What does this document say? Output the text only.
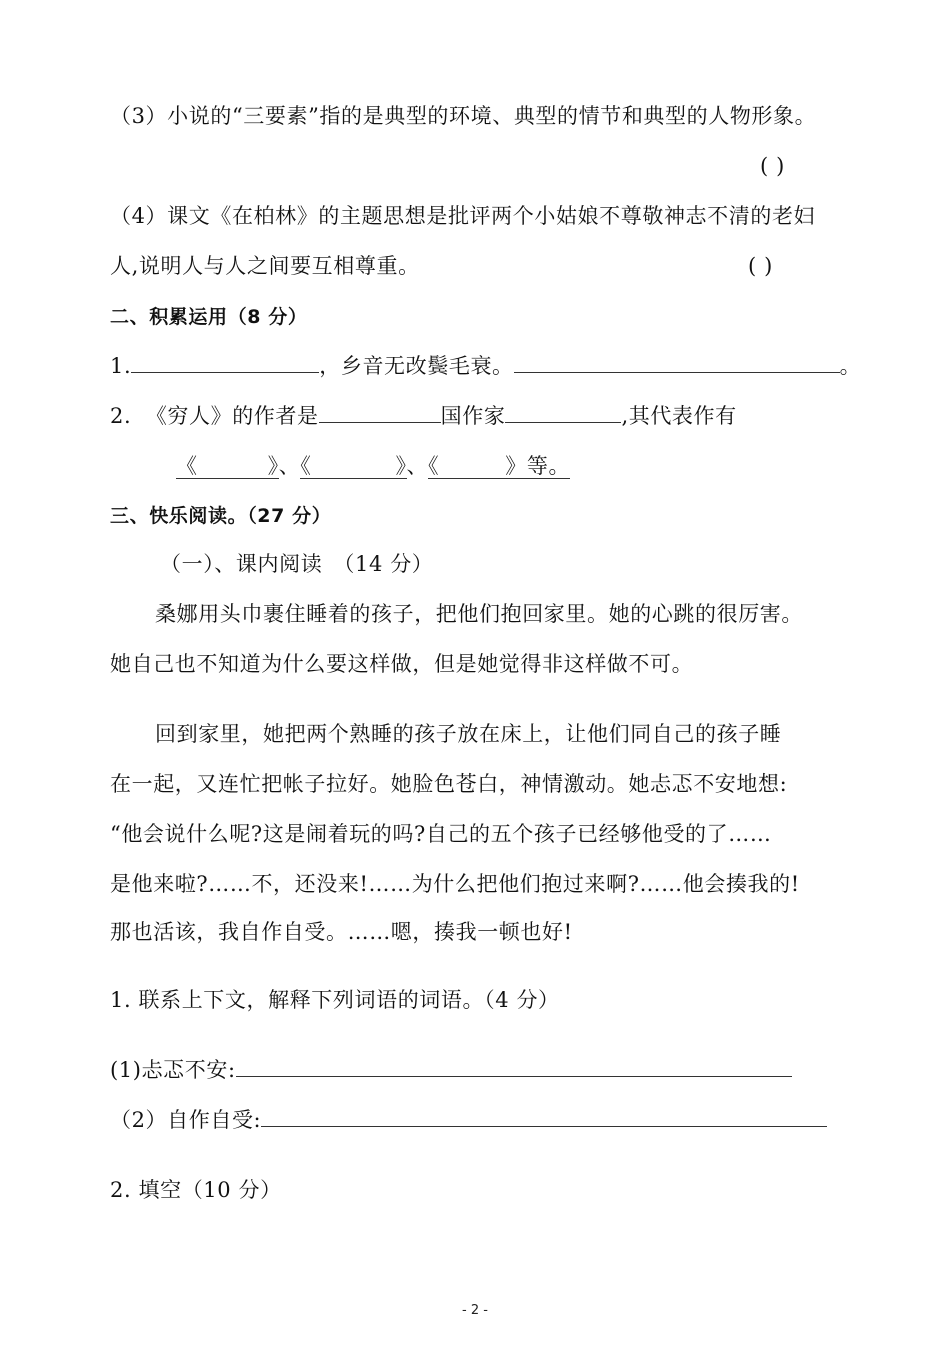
（3）小说的“三要素”指的是典型的环境、典型的情节和典型的人物形象。
( )
（4）课文《在柏林》的主题思想是批评两个小姑娘不尊敬神志不清的老妇
人,说明人与人之间要互相尊重。	( )
二、积累运用（8 分）
1.	，乡音无改鬓毛衰。	。
2. 《穷人》的作者是	国作家	,其代表作有
《	》、《	》、《	》等。
三、快乐阅读。（27 分）
（一）、课内阅读　（14 分）
桑娜用头巾裹住睡着的孩子，把他们抱回家里。她的心跳的很厉害。
她自己也不知道为什么要这样做，但是她觉得非这样做不可。
回到家里，她把两个熟睡的孩子放在床上，让他们同自己的孩子睡
在一起，又连忙把帐子拉好。她脸色苍白，神情激动。她忐忑不安地想:
“他会说什么呢?这是闹着玩的吗?自己的五个孩子已经够他受的了……
是他来啦?……不，还没来!……为什么把他们抱过来啊?……他会揍我的!
那也活该，我自作自受。……嗯，揍我一顿也好!
1. 联系上下文，解释下列词语的词语。（4 分）
(1)忐忑不安:
（2）自作自受:
2. 填空（10 分）
- 2 -
